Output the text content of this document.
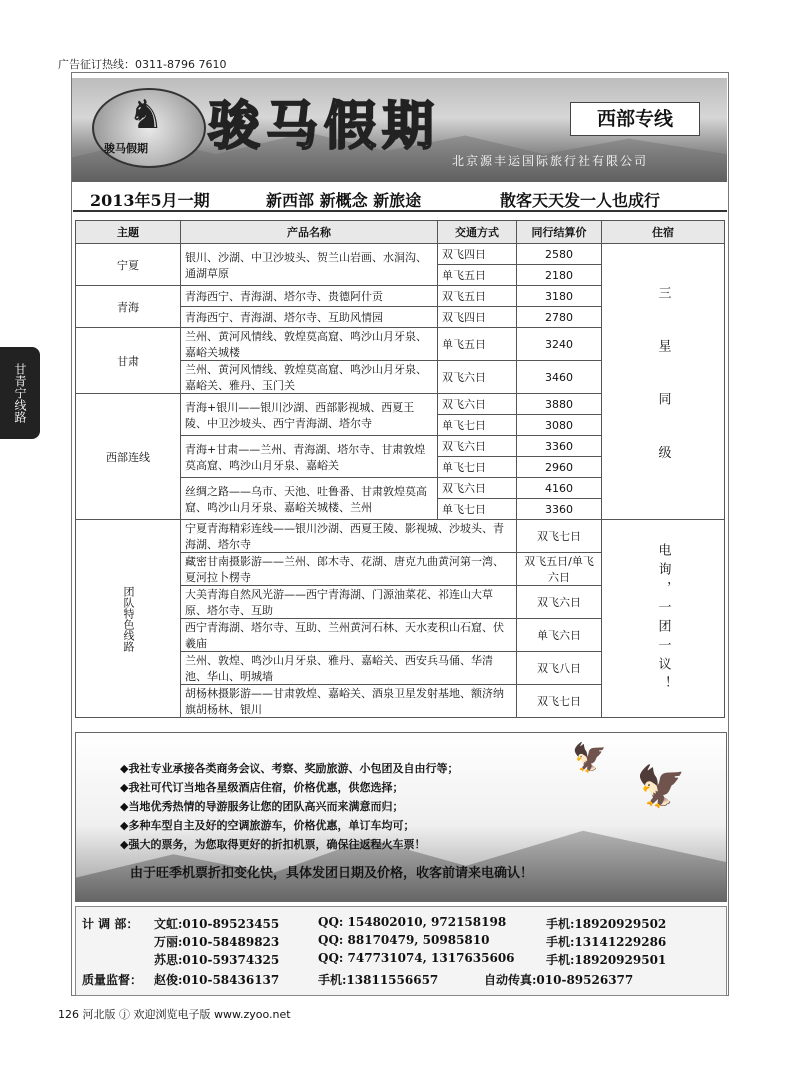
广告征订热线：0311-8796 7610
♞
骏马假期 骏马假期	西部专线
北京源丰运国际旅行社有限公司
2013年5月一期	新西部 新概念 新旅途	散客天天发一人也成行
甘青宁线路
主题	产品名称	交通方式	同行结算价	住宿
宁夏	银川、沙湖、中卫沙坡头、贺兰山岩画、水洞沟、通湖草原	双飞四日	2580	三 星 同 级
		单飞五日	2180	
青海	青海西宁、青海湖、塔尔寺、贵德阿什贡	双飞五日	3180	
	青海西宁、青海湖、塔尔寺、互助风情园	双飞四日	2780	
甘肃	兰州、黄河风情线、敦煌莫高窟、鸣沙山月牙泉、嘉峪关城楼	单飞五日	3240	
	兰州、黄河风情线、敦煌莫高窟、鸣沙山月牙泉、嘉峪关、雅丹、玉门关	双飞六日	3460	
西部连线	青海+银川——银川沙湖、西部影视城、西夏王陵、中卫沙坡头、西宁青海湖、塔尔寺	双飞六日	3880	
		单飞七日	3080	
	青海+甘肃——兰州、青海湖、塔尔寺、甘肃敦煌莫高窟、鸣沙山月牙泉、嘉峪关	双飞六日	3360	
		单飞七日	2960	
	丝绸之路——乌市、天池、吐鲁番、甘肃敦煌莫高窟、鸣沙山月牙泉、嘉峪关城楼、兰州	双飞六日	4160	
		单飞七日	3360	
团队特色线路	宁夏青海精彩连线——银川沙湖、西夏王陵、影视城、沙坡头、青海湖、塔尔寺		双飞七日	电询，一团一议！
	藏密甘南摄影游——兰州、郎木寺、花湖、唐克九曲黄河第一湾、夏河拉卜楞寺		双飞五日/单飞六日	
	大美青海自然风光游——西宁青海湖、门源油菜花、祁连山大草原、塔尔寺、互助		双飞六日	
	西宁青海湖、塔尔寺、互助、兰州黄河石林、天水麦积山石窟、伏羲庙		单飞六日	
	兰州、敦煌、鸣沙山月牙泉、雅丹、嘉峪关、西安兵马俑、华清池、华山、明城墙		双飞八日	
	胡杨林摄影游——甘肃敦煌、嘉峪关、酒泉卫星发射基地、额济纳旗胡杨林、银川		双飞七日	
🦅
🦅
◆我社专业承接各类商务会议、考察、奖励旅游、小包团及自由行等；
◆我社可代订当地各星级酒店住宿，价格优惠，供您选择；
◆当地优秀热情的导游服务让您的团队高兴而来满意而归；
◆多种车型自主及好的空调旅游车，价格优惠，单订车均可；
◆强大的票务，为您取得更好的折扣机票，确保往返程火车票！
由于旺季机票折扣变化快，具体发团日期及价格，收客前请来电确认！
计 调 部： 文虹:010-89523455	QQ: 154802010, 972158198	手机:18920929502
万丽:010-58489823	QQ: 88170479, 50985810	手机:13141229286
苏思:010-59374325	QQ: 747731074, 1317635606	手机:18920929501
质量监督： 赵俊:010-58436137	手机:13811556657	自动传真:010-89526377
126 河北版 ⓙ 欢迎浏览电子版 www.zyoo.net
